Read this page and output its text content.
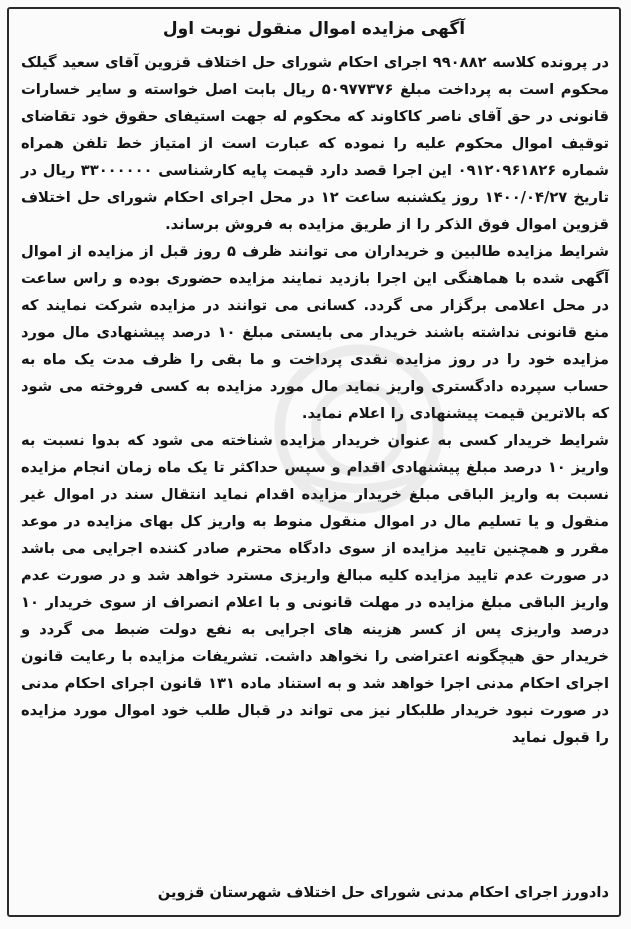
آگهی مزایده اموال منقول نوبت اول

در پرونده کلاسه ۹۹۰۸۸۲ اجرای احکام شورای حل اختلاف قزوین آقای سعید گیلک محکوم است به پرداخت مبلغ ۵۰۹۷۷۳۷۶ ریال بابت اصل خواسته و سایر خسارات قانونی در حق آقای ناصر کاکاوند که محکوم له جهت استیفای حقوق خود تقاضای توقیف اموال محکوم علیه را نموده که عبارت است از امتیاز خط تلفن همراه شماره ۰۹۱۲۰۹۶۱۸۲۶ این اجرا قصد دارد قیمت پایه کارشناسی ۳۳۰۰۰۰۰۰ ریال در تاریخ ۱۴۰۰/۰۴/۲۷ روز یکشنبه ساعت ۱۲ در محل اجرای احکام شورای حل اختلاف قزوین اموال فوق الذکر را از طریق مزایده به فروش برساند.

شرایط مزایده طالبین و خریداران می توانند ظرف ۵ روز قبل از مزایده از اموال آگهی شده با هماهنگی این اجرا بازدید نمایند مزایده حضوری بوده و راس ساعت در محل اعلامی برگزار می گردد. کسانی می توانند در مزایده شرکت نمایند که منع قانونی نداشته باشند خریدار می بایستی مبلغ ۱۰ درصد پیشنهادی مال مورد مزایده خود را در روز مزایده نقدی پرداخت و ما بقی را ظرف مدت یک ماه به حساب سپرده دادگستری واریز نماید مال مورد مزایده به کسی فروخته می شود که بالاترین قیمت پیشنهادی را اعلام نماید.

شرایط خریدار کسی به عنوان خریدار مزایده شناخته می شود که بدوا نسبت به واریز ۱۰ درصد مبلغ پیشنهادی اقدام و سپس حداکثر تا یک ماه زمان انجام مزایده نسبت به واریز الباقی مبلغ خریدار مزایده اقدام نماید انتقال سند در اموال غیر منقول و یا تسلیم مال در اموال منقول منوط به واریز کل بهای مزایده در موعد مقرر و همچنین تایید مزایده از سوی دادگاه محترم صادر کننده اجرایی می باشد در صورت عدم تایید مزایده کلیه مبالغ واریزی مسترد خواهد شد و در صورت عدم واریز الباقی مبلغ مزایده در مهلت قانونی و با اعلام انصراف از سوی خریدار ۱۰ درصد واریزی پس از کسر هزینه های اجرایی به نفع دولت ضبط می گردد و خریدار حق هیچگونه اعتراضی را نخواهد داشت. تشریفات مزایده با رعایت قانون اجرای احکام مدنی اجرا خواهد شد و به استناد ماده ۱۳۱ قانون اجرای احکام مدنی در صورت نبود خریدار طلبکار نیز می تواند در قبال طلب خود اموال مورد مزایده را قبول نماید

دادورز اجرای احکام مدنی شورای حل اختلاف شهرستان قزوین
